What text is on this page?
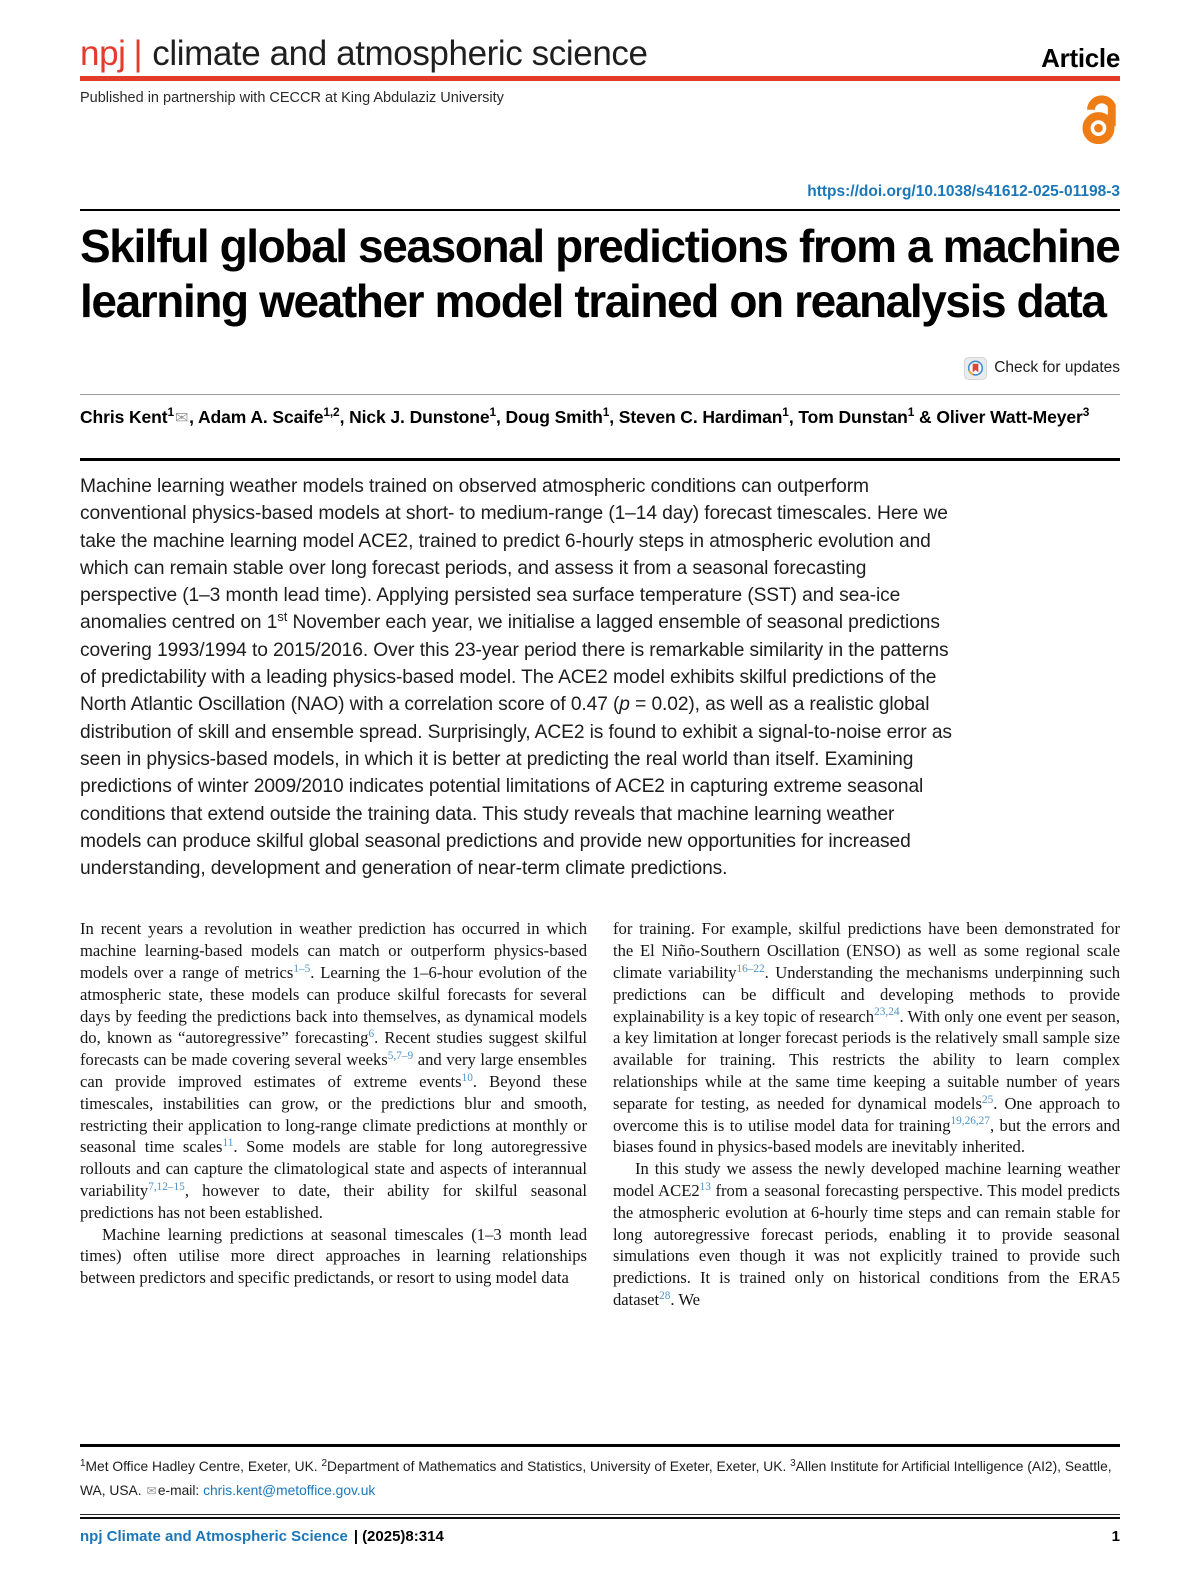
npj | climate and atmospheric science	Article
Published in partnership with CECCR at King Abdulaziz University
https://doi.org/10.1038/s41612-025-01198-3
Skilful global seasonal predictions from a machine learning weather model trained on reanalysis data
Check for updates
Chris Kent$^1$✉, Adam A. Scaife$^{1,2}$, Nick J. Dunstone$^1$, Doug Smith$^1$, Steven C. Hardiman$^1$, Tom Dunstan$^1$ & Oliver Watt-Meyer$^3$

Machine learning weather models trained on observed atmospheric conditions can outperform conventional physics-based models at short- to medium-range (1–14 day) forecast timescales. Here we take the machine learning model ACE2, trained to predict 6-hourly steps in atmospheric evolution and which can remain stable over long forecast periods, and assess it from a seasonal forecasting perspective (1–3 month lead time). Applying persisted sea surface temperature (SST) and sea-ice anomalies centred on 1st November each year, we initialise a lagged ensemble of seasonal predictions covering 1993/1994 to 2015/2016. Over this 23-year period there is remarkable similarity in the patterns of predictability with a leading physics-based model. The ACE2 model exhibits skilful predictions of the North Atlantic Oscillation (NAO) with a correlation score of 0.47 (p = 0.02), as well as a realistic global distribution of skill and ensemble spread. Surprisingly, ACE2 is found to exhibit a signal-to-noise error as seen in physics-based models, in which it is better at predicting the real world than itself. Examining predictions of winter 2009/2010 indicates potential limitations of ACE2 in capturing extreme seasonal conditions that extend outside the training data. This study reveals that machine learning weather models can produce skilful global seasonal predictions and provide new opportunities for increased understanding, development and generation of near-term climate predictions.

In recent years a revolution in weather prediction has occurred in which machine learning-based models can match or outperform physics-based models over a range of metrics$^{1-5}$. Learning the 1–6-hour evolution of the atmospheric state, these models can produce skilful forecasts for several days by feeding the predictions back into themselves, as dynamical models do, known as “autoregressive” forecasting$^6$. Recent studies suggest skilful forecasts can be made covering several weeks$^{5,7-9}$ and very large ensembles can provide improved estimates of extreme events$^{10}$. Beyond these timescales, instabilities can grow, or the predictions blur and smooth, restricting their application to long-range climate predictions at monthly or seasonal time scales$^{11}$. Some models are stable for long autoregressive rollouts and can capture the climatological state and aspects of interannual variability$^{7,12-15}$, however to date, their ability for skilful seasonal predictions has not been established.

Machine learning predictions at seasonal timescales (1–3 month lead times) often utilise more direct approaches in learning relationships between predictors and specific predictands, or resort to using model data

for training. For example, skilful predictions have been demonstrated for the El Niño-Southern Oscillation (ENSO) as well as some regional scale climate variability$^{16-22}$. Understanding the mechanisms underpinning such predictions can be difficult and developing methods to provide explainability is a key topic of research$^{23,24}$. With only one event per season, a key limitation at longer forecast periods is the relatively small sample size available for training. This restricts the ability to learn complex relationships while at the same time keeping a suitable number of years separate for testing, as needed for dynamical models$^{25}$. One approach to overcome this is to utilise model data for training$^{19,26,27}$, but the errors and biases found in physics-based models are inevitably inherited.

In this study we assess the newly developed machine learning weather model ACE2$^{13}$ from a seasonal forecasting perspective. This model predicts the atmospheric evolution at 6-hourly time steps and can remain stable for long autoregressive forecast periods, enabling it to provide seasonal simulations even though it was not explicitly trained to provide such predictions. It is trained only on historical conditions from the ERA5 dataset$^{28}$. We

$^1$Met Office Hadley Centre, Exeter, UK. $^2$Department of Mathematics and Statistics, University of Exeter, Exeter, UK. $^3$Allen Institute for Artificial Intelligence (AI2), Seattle, WA, USA. ✉e-mail: chris.kent@metoffice.gov.uk
npj Climate and Atmospheric Science | (2025)8:314	1
